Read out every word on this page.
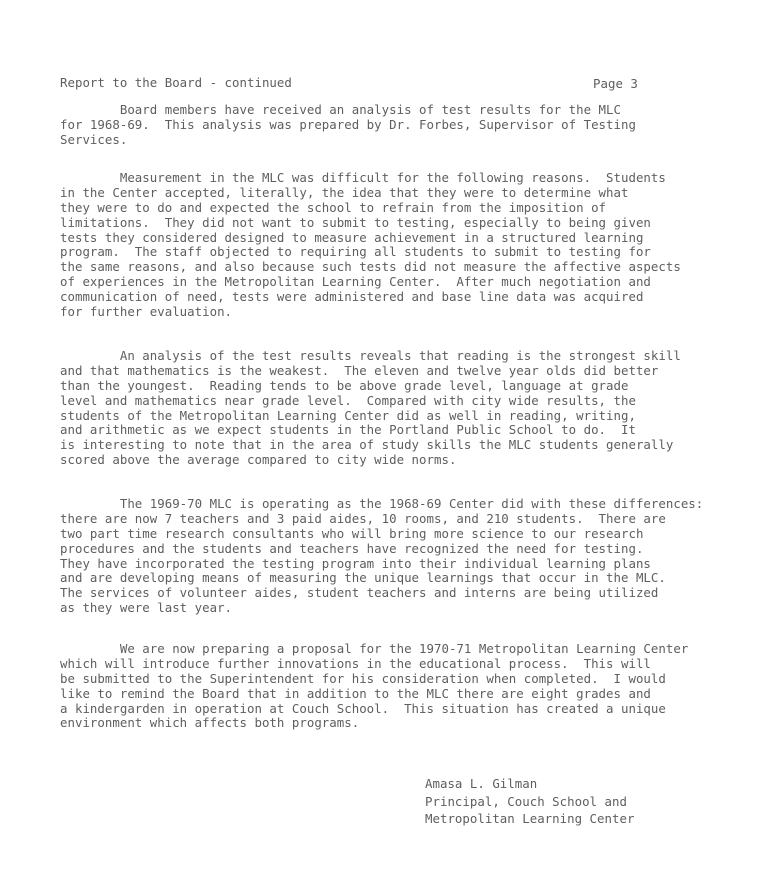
Report to the Board - continued	Page 3
Board members have received an analysis of test results for the MLC
for 1968-69.  This analysis was prepared by Dr. Forbes, Supervisor of Testing
Services.
Measurement in the MLC was difficult for the following reasons.  Students
in the Center accepted, literally, the idea that they were to determine what
they were to do and expected the school to refrain from the imposition of
limitations.  They did not want to submit to testing, especially to being given
tests they considered designed to measure achievement in a structured learning
program.  The staff objected to requiring all students to submit to testing for
the same reasons, and also because such tests did not measure the affective aspects
of experiences in the Metropolitan Learning Center.  After much negotiation and
communication of need, tests were administered and base line data was acquired
for further evaluation.
An analysis of the test results reveals that reading is the strongest skill
and that mathematics is the weakest.  The eleven and twelve year olds did better
than the youngest.  Reading tends to be above grade level, language at grade
level and mathematics near grade level.  Compared with city wide results, the
students of the Metropolitan Learning Center did as well in reading, writing,
and arithmetic as we expect students in the Portland Public School to do.  It
is interesting to note that in the area of study skills the MLC students generally
scored above the average compared to city wide norms.
The 1969-70 MLC is operating as the 1968-69 Center did with these differences:
there are now 7 teachers and 3 paid aides, 10 rooms, and 210 students.  There are
two part time research consultants who will bring more science to our research
procedures and the students and teachers have recognized the need for testing.
They have incorporated the testing program into their individual learning plans
and are developing means of measuring the unique learnings that occur in the MLC.
The services of volunteer aides, student teachers and interns are being utilized
as they were last year.
We are now preparing a proposal for the 1970-71 Metropolitan Learning Center
which will introduce further innovations in the educational process.  This will
be submitted to the Superintendent for his consideration when completed.  I would
like to remind the Board that in addition to the MLC there are eight grades and
a kindergarden in operation at Couch School.  This situation has created a unique
environment which affects both programs.
Amasa L. Gilman
Principal, Couch School and
Metropolitan Learning Center
